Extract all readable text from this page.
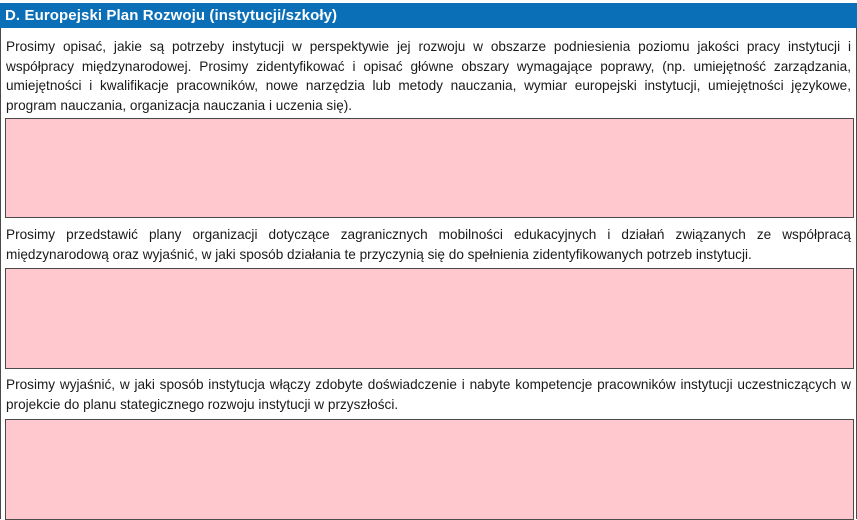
D. Europejski Plan Rozwoju (instytucji/szkoły)

Prosimy opisać, jakie są potrzeby instytucji w perspektywie jej rozwoju w obszarze podniesienia poziomu jakości pracy instytucji i współpracy międzynarodowej. Prosimy zidentyfikować i opisać główne obszary wymagające poprawy, (np. umiejętność zarządzania, umiejętności i kwalifikacje pracowników, nowe narzędzia lub metody nauczania, wymiar europejski instytucji, umiejętności językowe, program nauczania, organizacja nauczania i uczenia się).

Prosimy przedstawić plany organizacji dotyczące zagranicznych mobilności edukacyjnych i działań związanych ze współpracą międzynarodową oraz wyjaśnić, w jaki sposób działania te przyczynią się do spełnienia zidentyfikowanych potrzeb instytucji.

Prosimy wyjaśnić, w jaki sposób instytucja włączy zdobyte doświadczenie i nabyte kompetencje pracowników instytucji uczestniczących w projekcie do planu stategicznego rozwoju instytucji w przyszłości.
